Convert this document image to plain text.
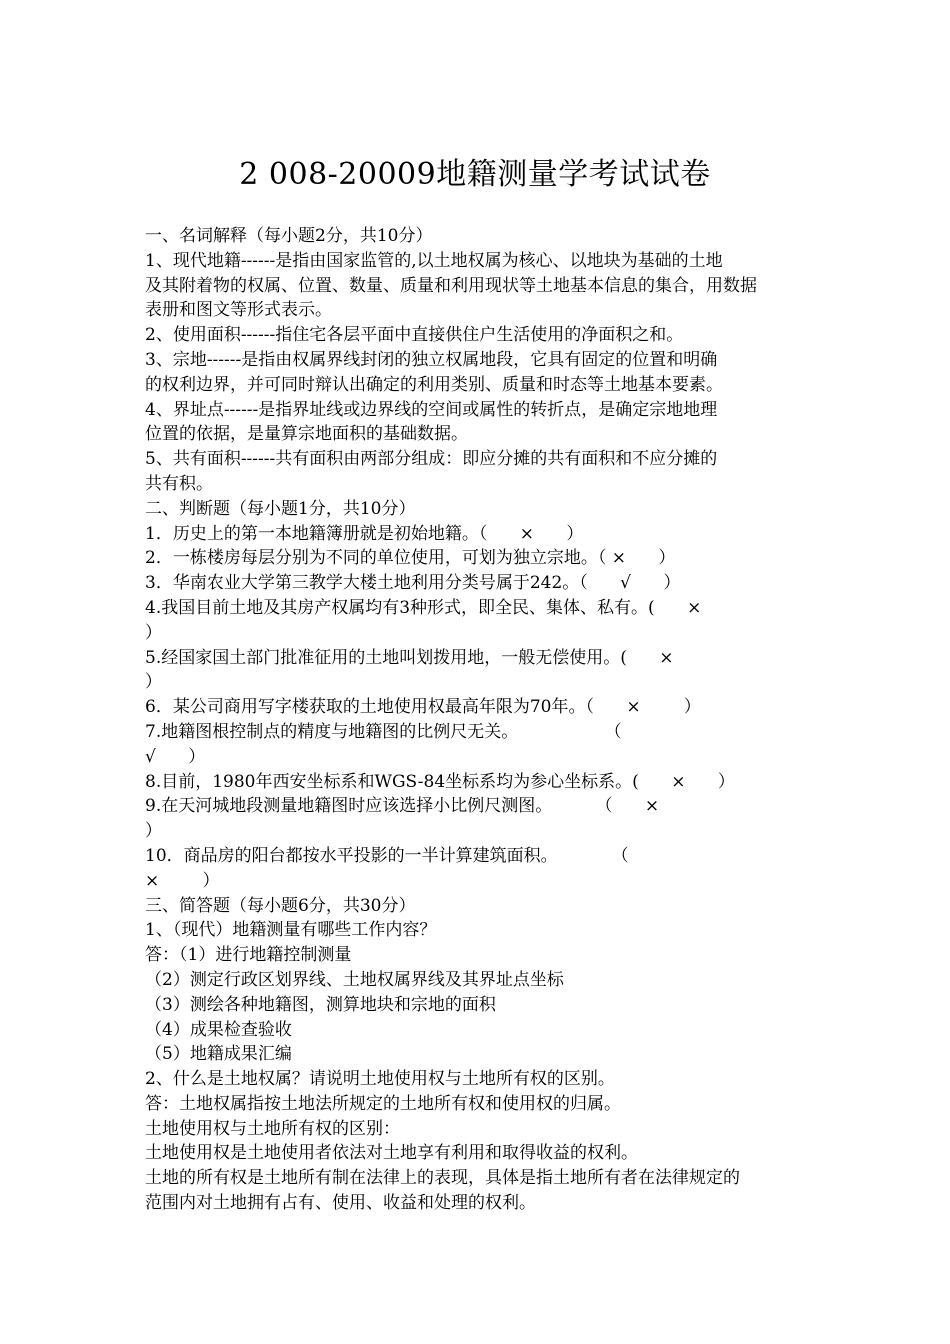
2 008-20009地籍测量学考试试卷
一、名词解释（每小题2分，共10分）
1、现代地籍------是指由国家监管的,以土地权属为核心、以地块为基础的土地
及其附着物的权属、位置、数量、质量和利用现状等土地基本信息的集合，用数据
表册和图文等形式表示。
2、使用面积------指住宅各层平面中直接供住户生活使用的净面积之和。
3、宗地------是指由权属界线封闭的独立权属地段，它具有固定的位置和明确
的权利边界，并可同时辩认出确定的利用类别、质量和时态等土地基本要素。
4、界址点------是指界址线或边界线的空间或属性的转折点，是确定宗地地理
位置的依据，是量算宗地面积的基础数据。
5、共有面积------共有面积由两部分组成：即应分摊的共有面积和不应分摊的
共有积。
二、判断题（每小题1分，共10分）
1．历史上的第一本地籍簿册就是初始地籍。（      ×      ）
2．一栋楼房每层分别为不同的单位使用，可划为独立宗地。（ ×      ）
3．华南农业大学第三教学大楼土地利用分类号属于242。（      √      ）
4.我国目前土地及其房产权属均有3种形式，即全民、集体、私有。(      ×
）
5.经国家国土部门批准征用的土地叫划拨用地，一般无偿使用。(      ×
）
6．某公司商用写字楼获取的土地使用权最高年限为70年。（      ×        ）
7.地籍图根控制点的精度与地籍图的比例尺无关。                （
√      ）
8.目前，1980年西安坐标系和WGS-84坐标系均为参心坐标系。(      ×      ）
9.在天河城地段测量地籍图时应该选择小比例尺测图。        （      ×
）
10．商品房的阳台都按水平投影的一半计算建筑面积。          （
×        ）
三、简答题（每小题6分，共30分）
1、（现代）地籍测量有哪些工作内容？
答：（1）进行地籍控制测量
（2）测定行政区划界线、土地权属界线及其界址点坐标
（3）测绘各种地籍图，测算地块和宗地的面积
（4）成果检查验收
（5）地籍成果汇编
2、什么是土地权属？请说明土地使用权与土地所有权的区别。
答：土地权属指按土地法所规定的土地所有权和使用权的归属。
土地使用权与土地所有权的区别：
土地使用权是土地使用者依法对土地享有利用和取得收益的权利。
土地的所有权是土地所有制在法律上的表现，具体是指土地所有者在法律规定的
范围内对土地拥有占有、使用、收益和处理的权利。
